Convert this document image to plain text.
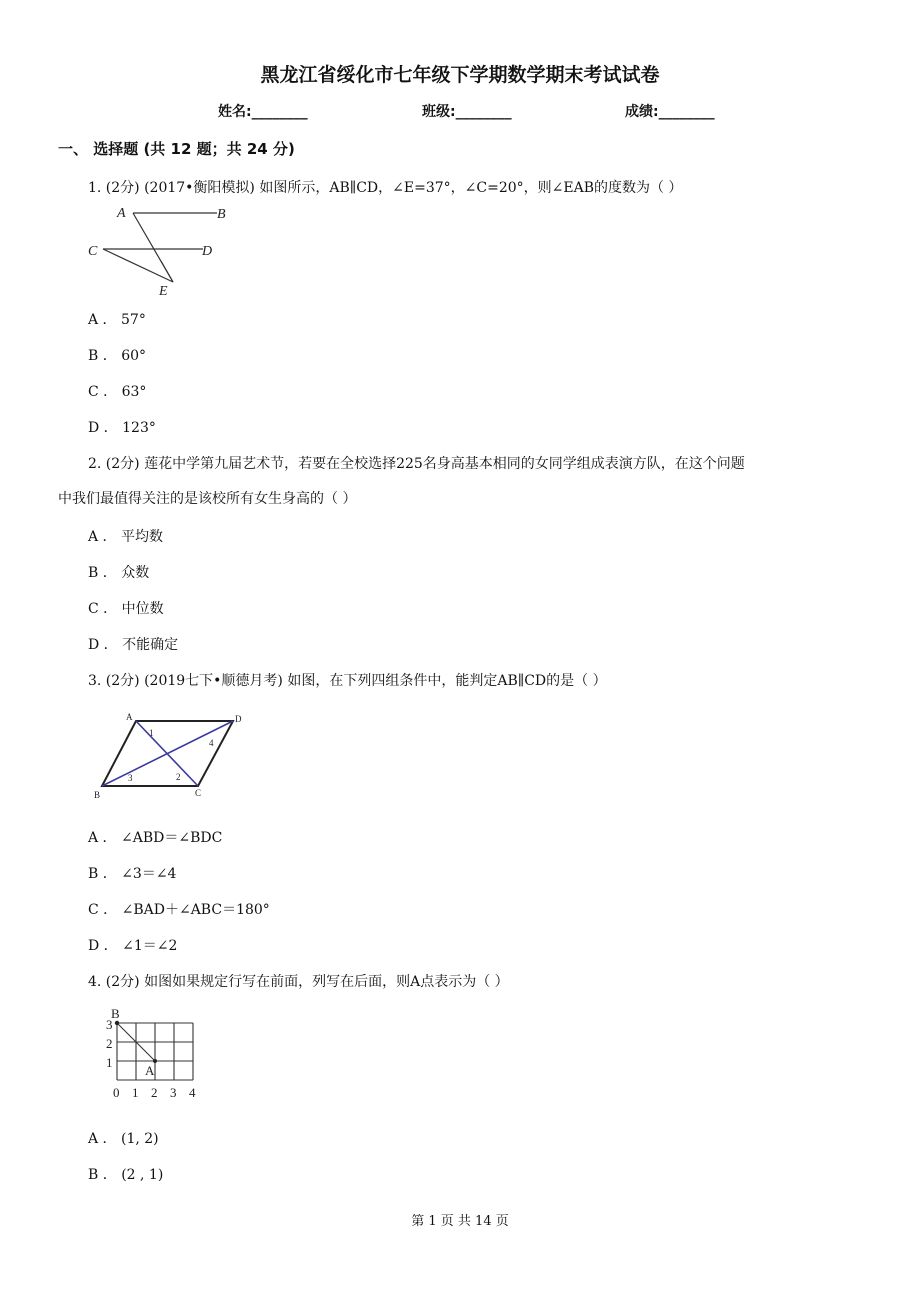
黑龙江省绥化市七年级下学期数学期末考试试卷
姓名:________	班级:________	成绩:________
一、 选择题 (共 12 题；共 24 分)
1. (2分) (2017•衡阳模拟) 如图所示，AB∥CD，∠E=37°，∠C=20°，则∠EAB的度数为（ ）
A	B
C	D
E
A ． 57°
B ． 60°
C ． 63°
D ． 123°
2. (2分) 莲花中学第九届艺术节，若要在全校选择225名身高基本相同的女同学组成表演方队，在这个问题
中我们最值得关注的是该校所有女生身高的（ ）
A ． 平均数
B ． 众数
C ． 中位数
D ． 不能确定
3. (2分) (2019七下•顺德月考) 如图，在下列四组条件中，能判定AB∥CD的是（ ）
A	D
B	C
1
2
3
4
A ． ∠ABD＝∠BDC
B ． ∠3＝∠4
C ． ∠BAD＋∠ABC＝180°
D ． ∠1＝∠2
4. (2分) 如图如果规定行写在前面，列写在后面，则A点表示为（ ）
B
A
3
2
1
0 1 2 3 4
A ． (1, 2)
B ． (2 , 1)
第 1 页 共 14 页
